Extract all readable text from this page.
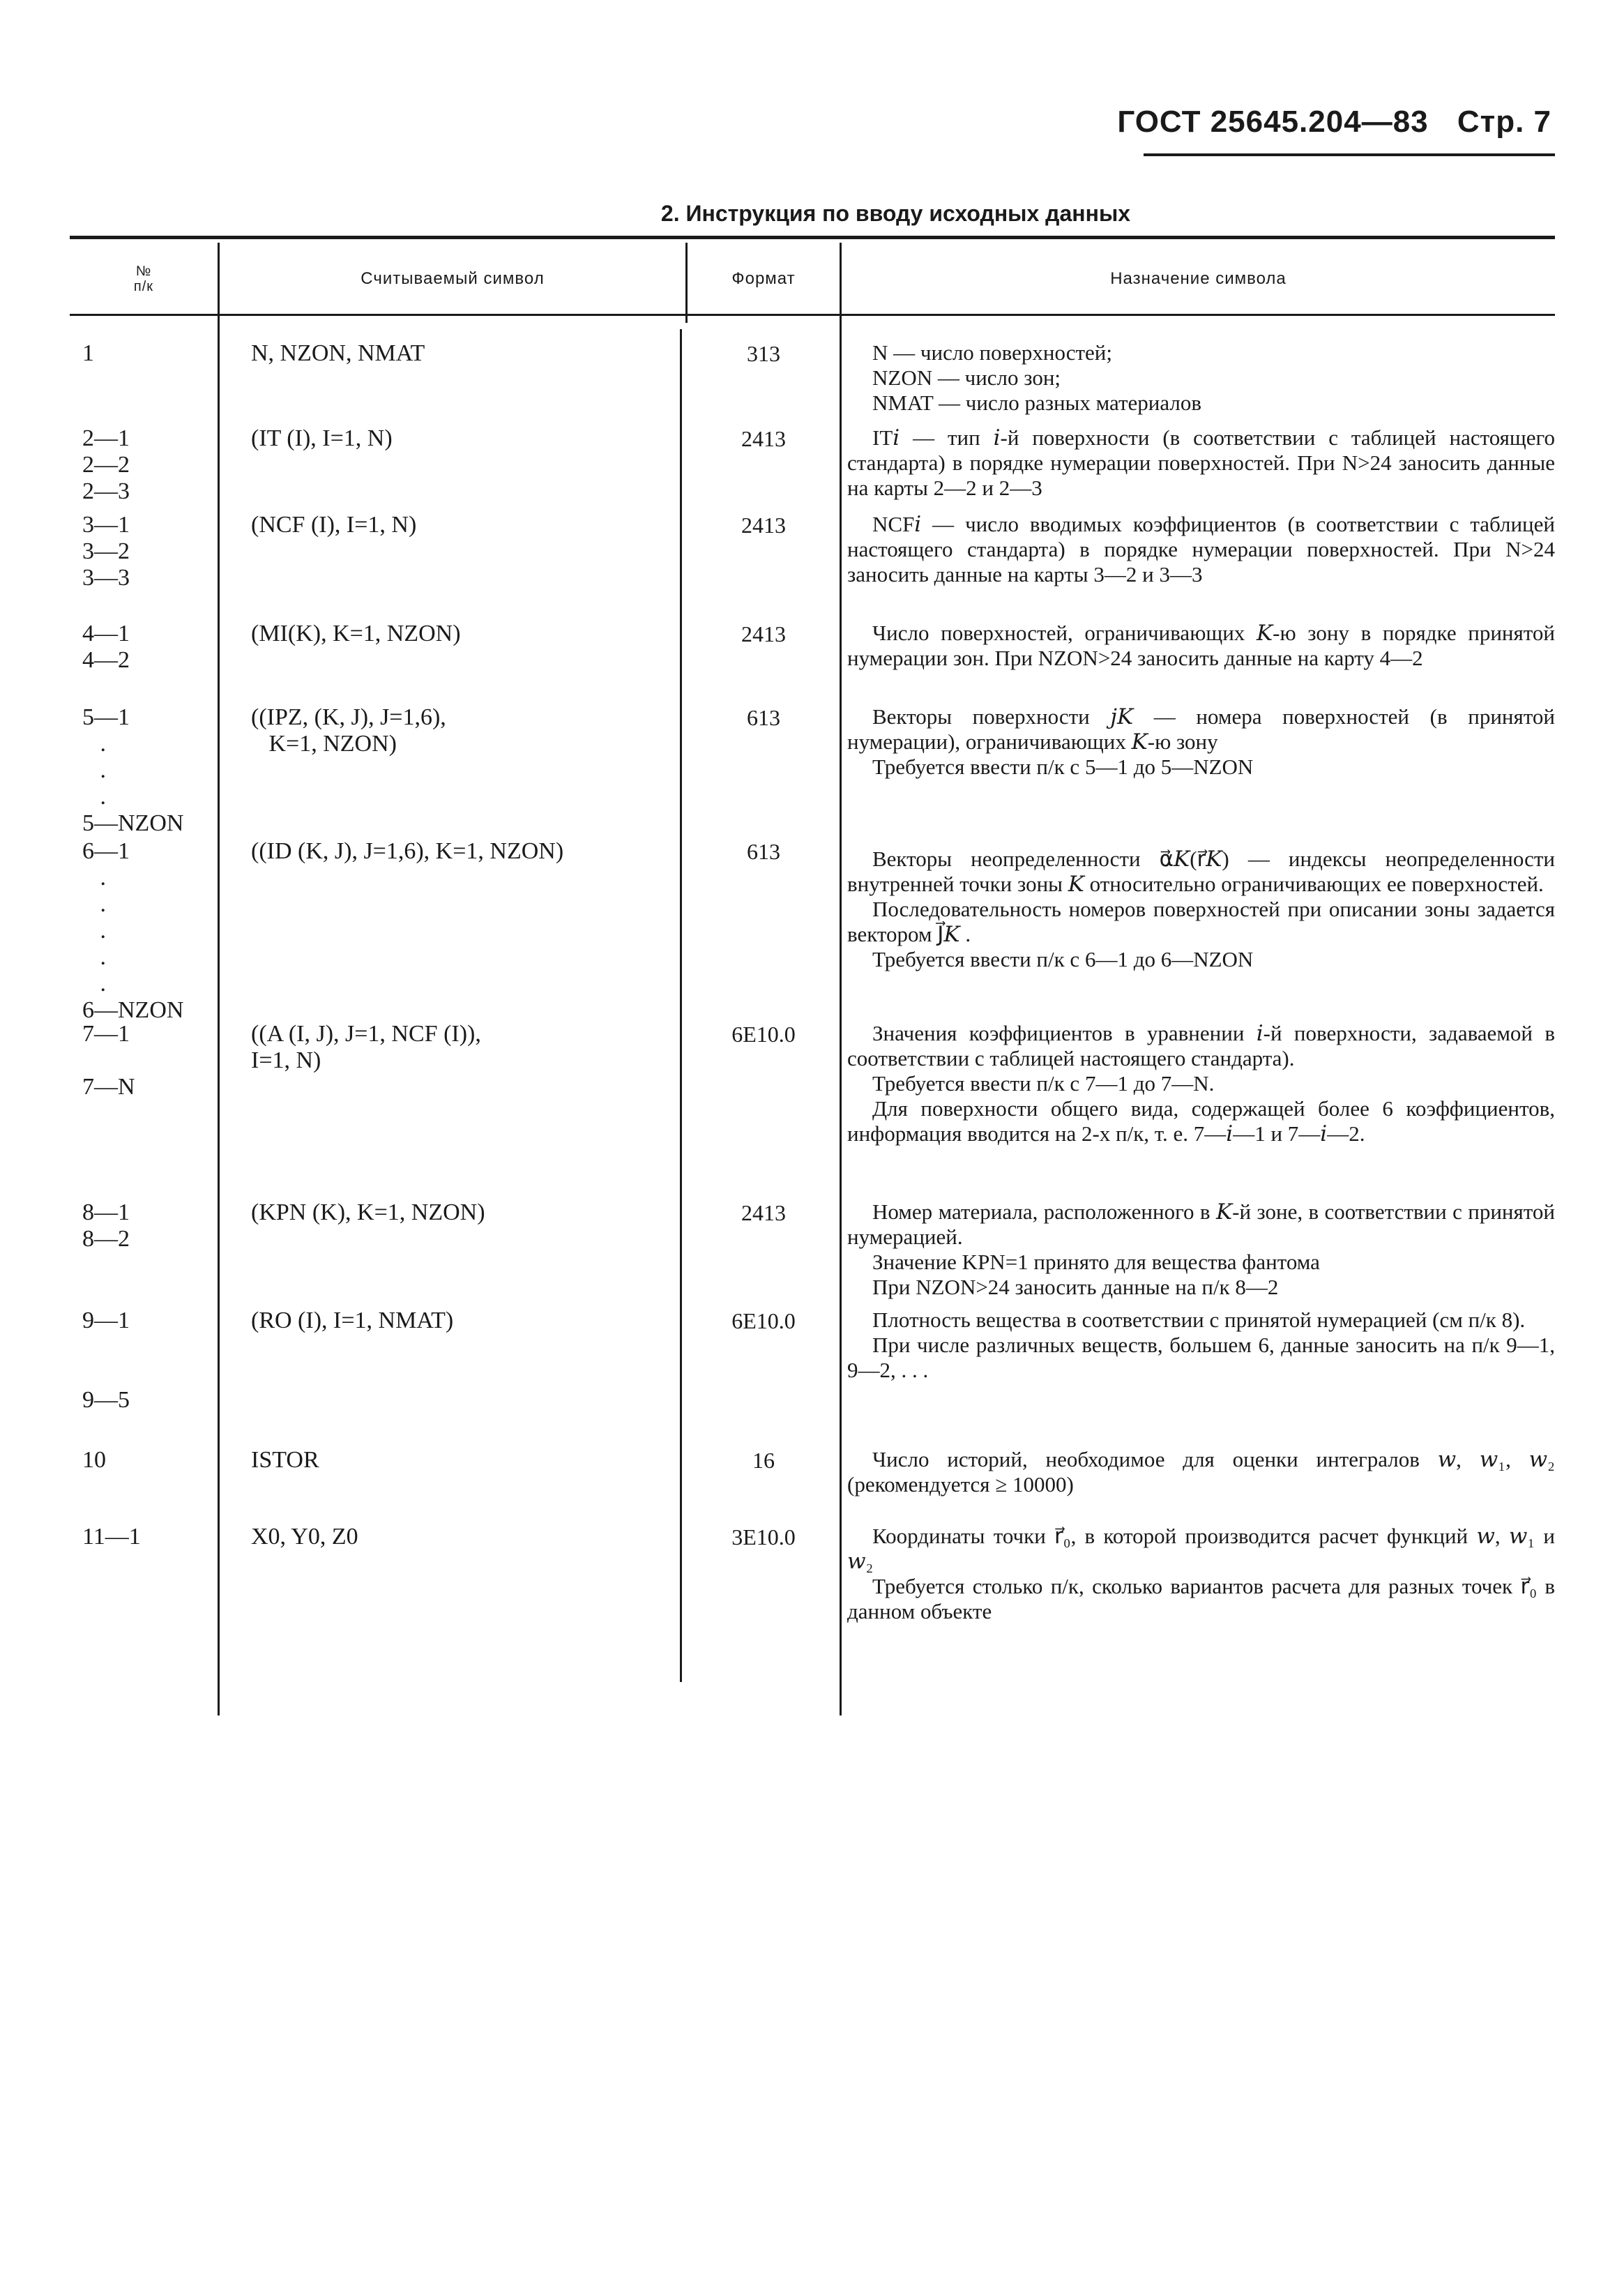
ГОСТ 25645.204—83 Стр. 7
2. Инструкция по вводу исходных данных
№
п/к	Считываемый символ	Формат	Назначение символа
1	N, NZON, NMAT	313	N — число поверхностей;

NZON — число зон;

NMAT — число разных материалов

2—1
2—2
2—3
(IT (I), I=1, N)	2413	IT𝑖 — тип 𝑖-й поверхности (в соответствии с таблицей настоящего стандарта) в порядке нумерации поверхностей. При N>24 заносить данные на карты 2—2 и 2—3

3—1
3—2
3—3
(NCF (I), I=1, N)	2413	NCF𝑖 — число вводимых коэффициентов (в соответствии с таблицей настоящего стандарта) в порядке нумерации поверхностей. При N>24 заносить данные на карты 3—2 и 3—3

4—1
4—2
(MI(K), K=1, NZON)	2413	Число поверхностей, ограничивающих 𝐾-ю зону в порядке принятой нумерации зон. При NZON>24 заносить данные на карту 4—2

5—1
.
.
.
5—NZON
((IPZ, (K, J), J=1,6),
K=1, NZON)
613	Векторы поверхности 𝑗𝐾 — номера поверхностей (в принятой нумерации), ограничивающих 𝐾-ю зону

Требуется ввести п/к с 5—1 до 5—NZON

6—1
.
.
.
.
.
6—NZON
((ID (K, J), J=1,6), K=1, NZON)	613	Векторы неопределенности α⃗𝐾(r⃗𝐾) — индексы неопределенности внутренней точки зоны 𝐾 относительно ограничивающих ее поверхностей.

Последовательность номеров поверхностей при описании зоны задается вектором J⃗𝐾 .

Требуется ввести п/к с 6—1 до 6—NZON

7—1

7—N
((A (I, J), J=1, NCF (I)),
I=1, N)
6E10.0	Значения коэффициентов в уравнении 𝑖-й поверхности, задаваемой в соответствии с таблицей настоящего стандарта).

Требуется ввести п/к с 7—1 до 7—N.

Для поверхности общего вида, содержащей более 6 коэффициентов, информация вводится на 2-х п/к, т. е. 7—𝑖—1 и 7—𝑖—2.

8—1
8—2
(KPN (K), K=1, NZON)	2413	Номер материала, расположенного в 𝐾-й зоне, в соответствии с принятой нумерацией.

Значение KPN=1 принято для вещества фантома

При NZON>24 заносить данные на п/к 8—2

9—1

9—5
(RO (I), I=1, NMAT)	6E10.0	Плотность вещества в соответствии с принятой нумерацией (см п/к 8).

При числе различных веществ, большем 6, данные заносить на п/к 9—1, 9—2, . . .

10	ISTOR	16	Число историй, необходимое для оценки интегралов 𝑤, 𝑤₁, 𝑤₂ (рекомендуется ≥ 10000)

11—1	X0, Y0, Z0	3E10.0	Координаты точки r⃗₀, в которой производится расчет функций 𝑤, 𝑤₁ и 𝑤₂

Требуется столько п/к, сколько вариантов расчета для разных точек r⃗₀ в данном объекте
